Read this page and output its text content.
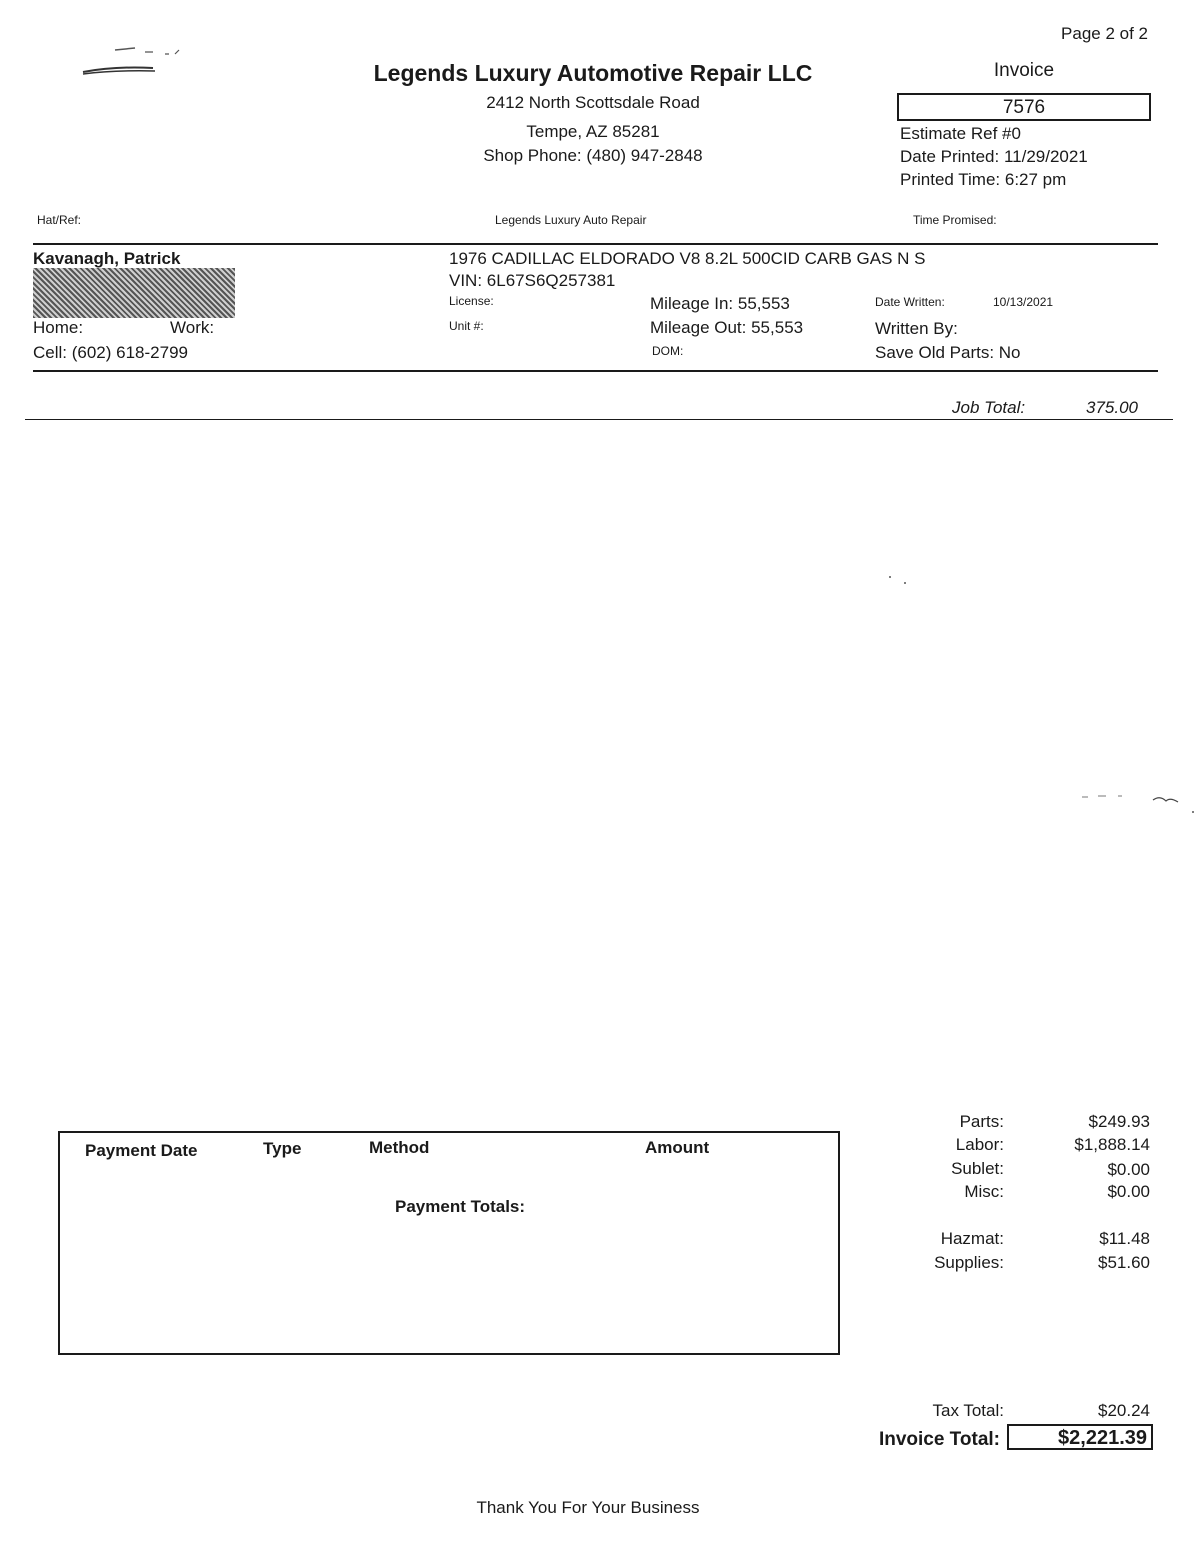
Page 2 of 2
Legends Luxury Automotive Repair LLC
2412 North Scottsdale Road
Tempe, AZ 85281
Shop Phone: (480) 947-2848
Invoice
7576
Estimate Ref #0
Date Printed: 11/29/2021
Printed Time: 6:27 pm
Hat/Ref:	Legends Luxury Auto Repair	Time Promised:
Kavanagh, Patrick
Home:	Work:
Cell: (602) 618-2799
1976 CADILLAC ELDORADO V8 8.2L 500CID CARB GAS N S
VIN: 6L67S6Q257381
License:
Unit #:
Mileage In: 55,553
Mileage Out: 55,553
DOM:
Date Written:	10/13/2021
Written By:
Save Old Parts: No
Job Total:	375.00
Payment Date	Type	Method	Amount
Payment Totals:
Parts:	$249.93
Labor:	$1,888.14
Sublet:	$0.00
Misc:	$0.00
Hazmat:	$11.48
Supplies:	$51.60
Tax Total:	$20.24
Invoice Total:	$2,221.39
Thank You For Your Business
